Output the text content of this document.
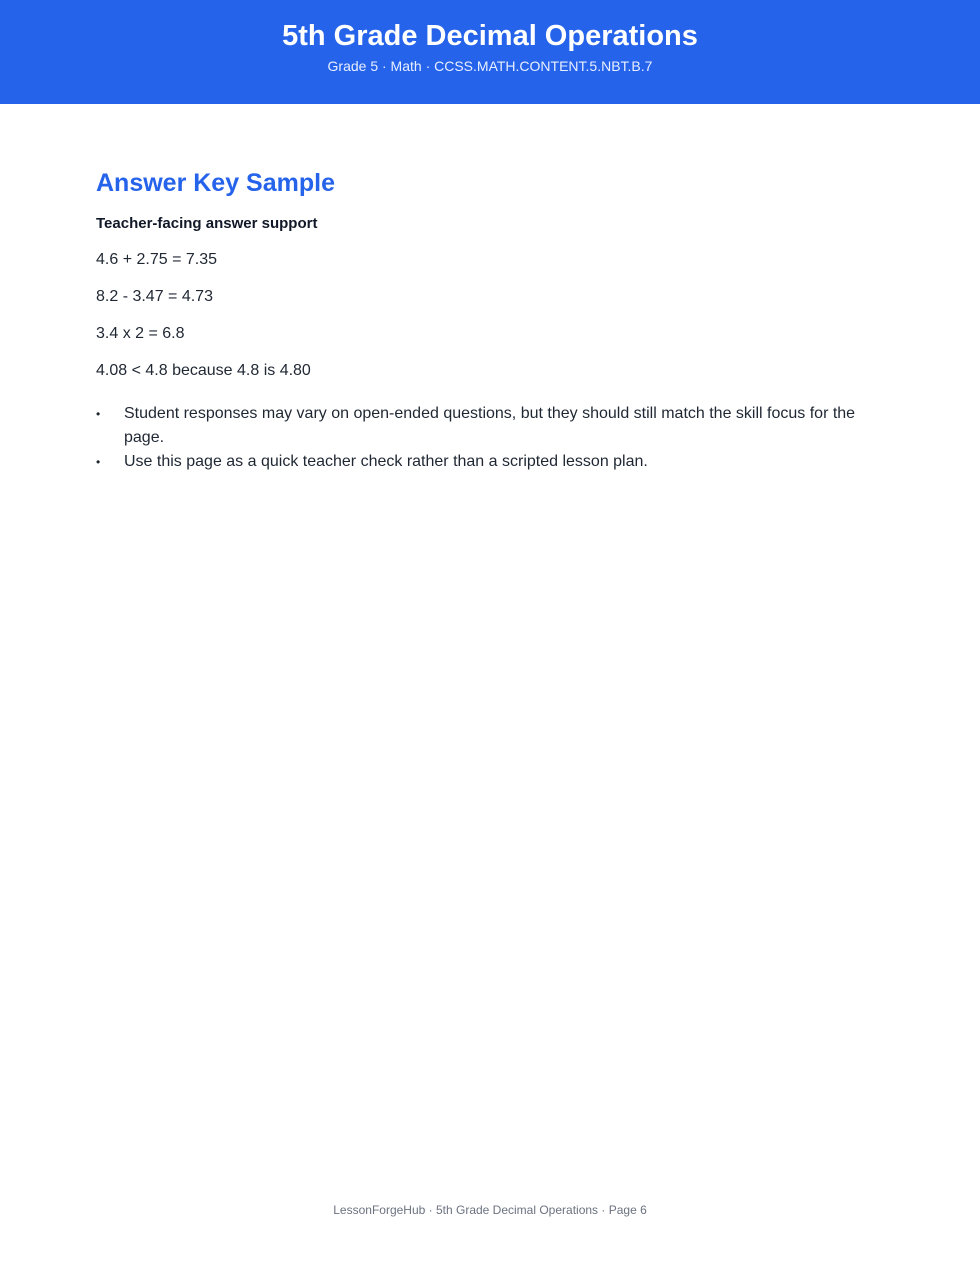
5th Grade Decimal Operations
Grade 5 · Math · CCSS.MATH.CONTENT.5.NBT.B.7
Answer Key Sample
Teacher-facing answer support
4.6 + 2.75 = 7.35
8.2 - 3.47 = 4.73
3.4 x 2 = 6.8
4.08 < 4.8 because 4.8 is 4.80
• Student responses may vary on open-ended questions, but they should still match the skill focus for the page.
• Use this page as a quick teacher check rather than a scripted lesson plan.
LessonForgeHub · 5th Grade Decimal Operations · Page 6
